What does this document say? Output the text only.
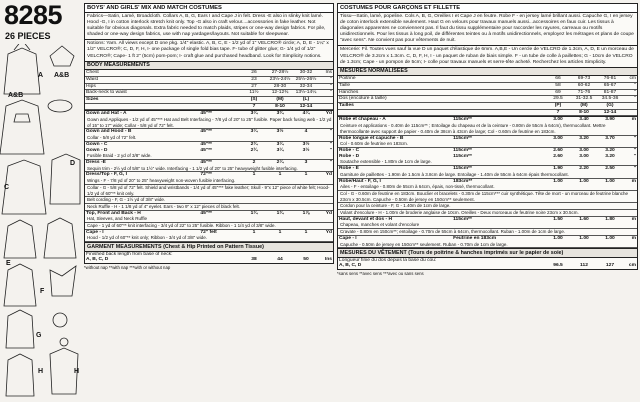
8285
26 PIECES
A A&B
A&B
C
D
E
F
G
H	H
BOYS' AND GIRLS' MIX AND MATCH COSTUMES

Fabrics—Satin, Lamé, Broadcloth. Collars A, B, G, Ears I and Cape J in felt. Dress -E also in slinky knit lamé. Hood -G, I in cotton interlock stretch knit only. Top -G also in craft velour....accessories in fake leather. Not suitable for obvious diagonals. Extra fabric needed to match plaids, stripes or one-way design fabrics. For pile, shaded or one-way design fabrics, use with nap yardages/layouts. Not suitable for sleepwear.

Notions: Yarn. All views except D one pkg. 1/4" elastic. A, B, C, E - 1/2 yd of 1" VELCRO® circle; A, D, E - 1¼" x 1/2" VELCRO®; C, D, F, H, I- one package of single fold bias tape. F- tube of glitter glue; G- 1/4 yd of 1/2" VELCRO®; Cape- 1 ft 2" (5cm) pom-pom; I- craft glue and purchased headband. Look for Simplicity notions.

BODY MEASUREMENTS
Chest	26	27-28½	30-32	Ins
Waist	23	23½-24½	25½-26½	"
Hips	27	28-30	32-34	"
Back-neck to waist	11½	12-12¾	13½-14¼	"
Sizes	(S)	(M)	(L)	
	7	8-10	12-14	
Gown and Hat - A	45"**	3¼	3¾	4¼	Yd
Gown and Appliques - 1/2 yd of 45"*** Hat and Belt Interfacing - 7/8 yd of 20" to 25" fusible. Paper back fusing web - 1/2 yd of 15" to 17" wide; Collar - 5/8 yd of 72" felt.					
Gown and Hood - B	45"**	3¼	3½	4	"
Collar - 5/8 yd of 72" felt.					
Gown - C	45"**	2¾	3¼	3½	"
Gown - D	45"**	2¾	3¼	3½	"
Fusible Braid - 2 yd of 3/8" wide.					
Dress -E	45"**	2	2¼	3	"
Sequin trim - 2½ yd of 5/8" to 1½" wide. Interfacing - 1 1/2 yd of 20" to 25" heavyweight fusible interfacing.					
Dress/Top - F, G, I	72"**	1	1	1	Yd
Wings - F - 7/8 yd of 20" to 25" heavyweight non-woven fusible interfacing.					
Collar - G - 5/8 yd of 72" felt. Shield and wristbands - 1/4 yd of 45"*** fake leather; Skull - 9"x 12" piece of white felt; Hood- 1/2 yd of 60"** knit only.					
Belt cording - F, G - 1½ yd of 3/8" wide.					
Neck Ruffle - H - 1 1/8 yd of 4" eyelet. Ears - two 9" x 12" pieces of black felt.					
Top, Front and Back - H	45"**	1¾	1¾	1⅞	Yd
Hat, Sleeves, and Neck Ruffle					
Cape - 1 yd of 60"** knit interfacing - 3/4 yd of 22" to 25" fusible. Ribbon - 1 1/4 yd of 3/8" wide.					
Cape - I	72" felt	1	1	1	Yd
Hood - 1/2 yd of 60"** knit only; Ribbon - 3/4 yd of 3/8" wide.					
GARMENT MEASUREMENTS (Chest & Hip Printed on Pattern Tissue)
Finished back length from base of neck:
A, B, C, D	38	44	50	Ins
*without nap **with nap ***with or without nap
COSTUMES POUR GARÇONS ET FILLETTE

Tissu—Satin, lamé, popeline. Cols A, B, G, Oreilles I et Cape J en feutre. Robe F - en jersey lamé brillant aussi. Capuche G, I en jersey de coton interlock extensible seulement. Haut G en velours pour travaux manuels aussi...accessoires en faux cuir. Les tissus à diagonales apparentes ne conviennent pas. Il faut du tissu supplémentaire pour raccorder les rayures, carreaux ou motifs unidirectionnels. Pour les tissus à long poil, de différentes teintes ou à motifs unidirectionnels, employez les métrages et plans de coupe "avec sens". Ne convient pas pour vêtements de nuit.

Mercerie: Fil. Toutes vues sauf la vue D un paquet d'élastique de 6mm. A,B,E - Un cercle de VELCRO de 1.3cm, A, D, E un morceau de VELCRO® de 3.2cm x 1.3cm. C, D, F, H, I - un paquet de ruban de biais simple. F - un tube de colle à paillettes; G - 10cm de VELCRO de 1.3cm; Cape - un pompon de 5cm; I- colle pour travaux manuels et serre-tête acheté. Recherchez les articles Simplicity.

MESURES NORMALISÉES
Poitrine	66	69-73	76-81	cm
Taille	58	60-62	65-67	"
Hanches	69	71-76	81-87	"
Dos (encolure à taille)	29.5	31-32.5	34.5-36	"
Tailles	(P)	(M)	(G)	
	7	8-10	12-14	
Robe et chapeau - A	115cm**	3.00	3.40	3.90	m
Ceinture et applications - 0.40m de 115cm** ; Entoilage du chapeau et de la ceinture - 0.80m de 55cm à 64cm), thermocollant. Mettre thermocollante avec support de papier - 0.40m de 38cm à 43cm de large; Col - 0.60m de feutrine en 183cm.					
Robe longue et capuche - B	115cm**	3.00	3.20	3.70	"
Col - 0.60m de feutrine en 183cm.					
Robe - C	115cm**	2.60	3.00	3.20	"
Robe - D	115cm**	2.60	3.00	3.20	"
Soutache extensible - 1.80m de 1cm de large.					
Robe - E	115cm**	1.90	2.20	2.50	"
Garniture de paillettes - 1.90m de 1.5cm à 3.8cm de large. Entoilage - 1.40m de 55cm à 64cm épais thermocollant.					
Robe/Haut - F, G, I	183cm**	1.00	1.00	1.00	m
Ailes - F - entoilage - 0.80m de 55cm à 64cm, épais, non-tissé, thermocollant.					
Col - G - 0.60m de feutrine en 183cm. Bouclier et bracelets - 0.30m de 115cm*** cuir synthétique. Tête de mort - un morceau de feutrine blanche 23cm x 30.5cm. Capuche - 0.50m de jersey en 150cm** seulement.					
Cordon pour la ceinture - F, G - 1.40m de 1cm de large.					
Volant d'encolure - H - 1.00m de broderie anglaise de 10cm. Oreilles - Deux morceaux de feutrine noire 23cm x 30.5cm.					
Haut, devant et dos - H	115cm**	1.50	1.60	1.80	m
Chapeau, manches et volant d'encolure					
Cravate - 0.80m en 150cm**; entoilage - 0.70m de 55cm à 64cm, thermocollant. Ruban - 1.00m de 1cm de large.					
Cape - I	Feutrine en 183cm	1.00	1.00	1.00	m
Capuche - 0.50m de jersey en 150cm** seulement. Ruban - 0.70m de 1cm de large.					
MESURES DU VÊTEMENT (Tours de poitrine & hanches imprimés sur le papier de soie)
Longueur finie du dos depuis la base du cou:
A, B, C, D	96.5	112	127	cm
*sans sens **avec sens ***avec ou sans sens
